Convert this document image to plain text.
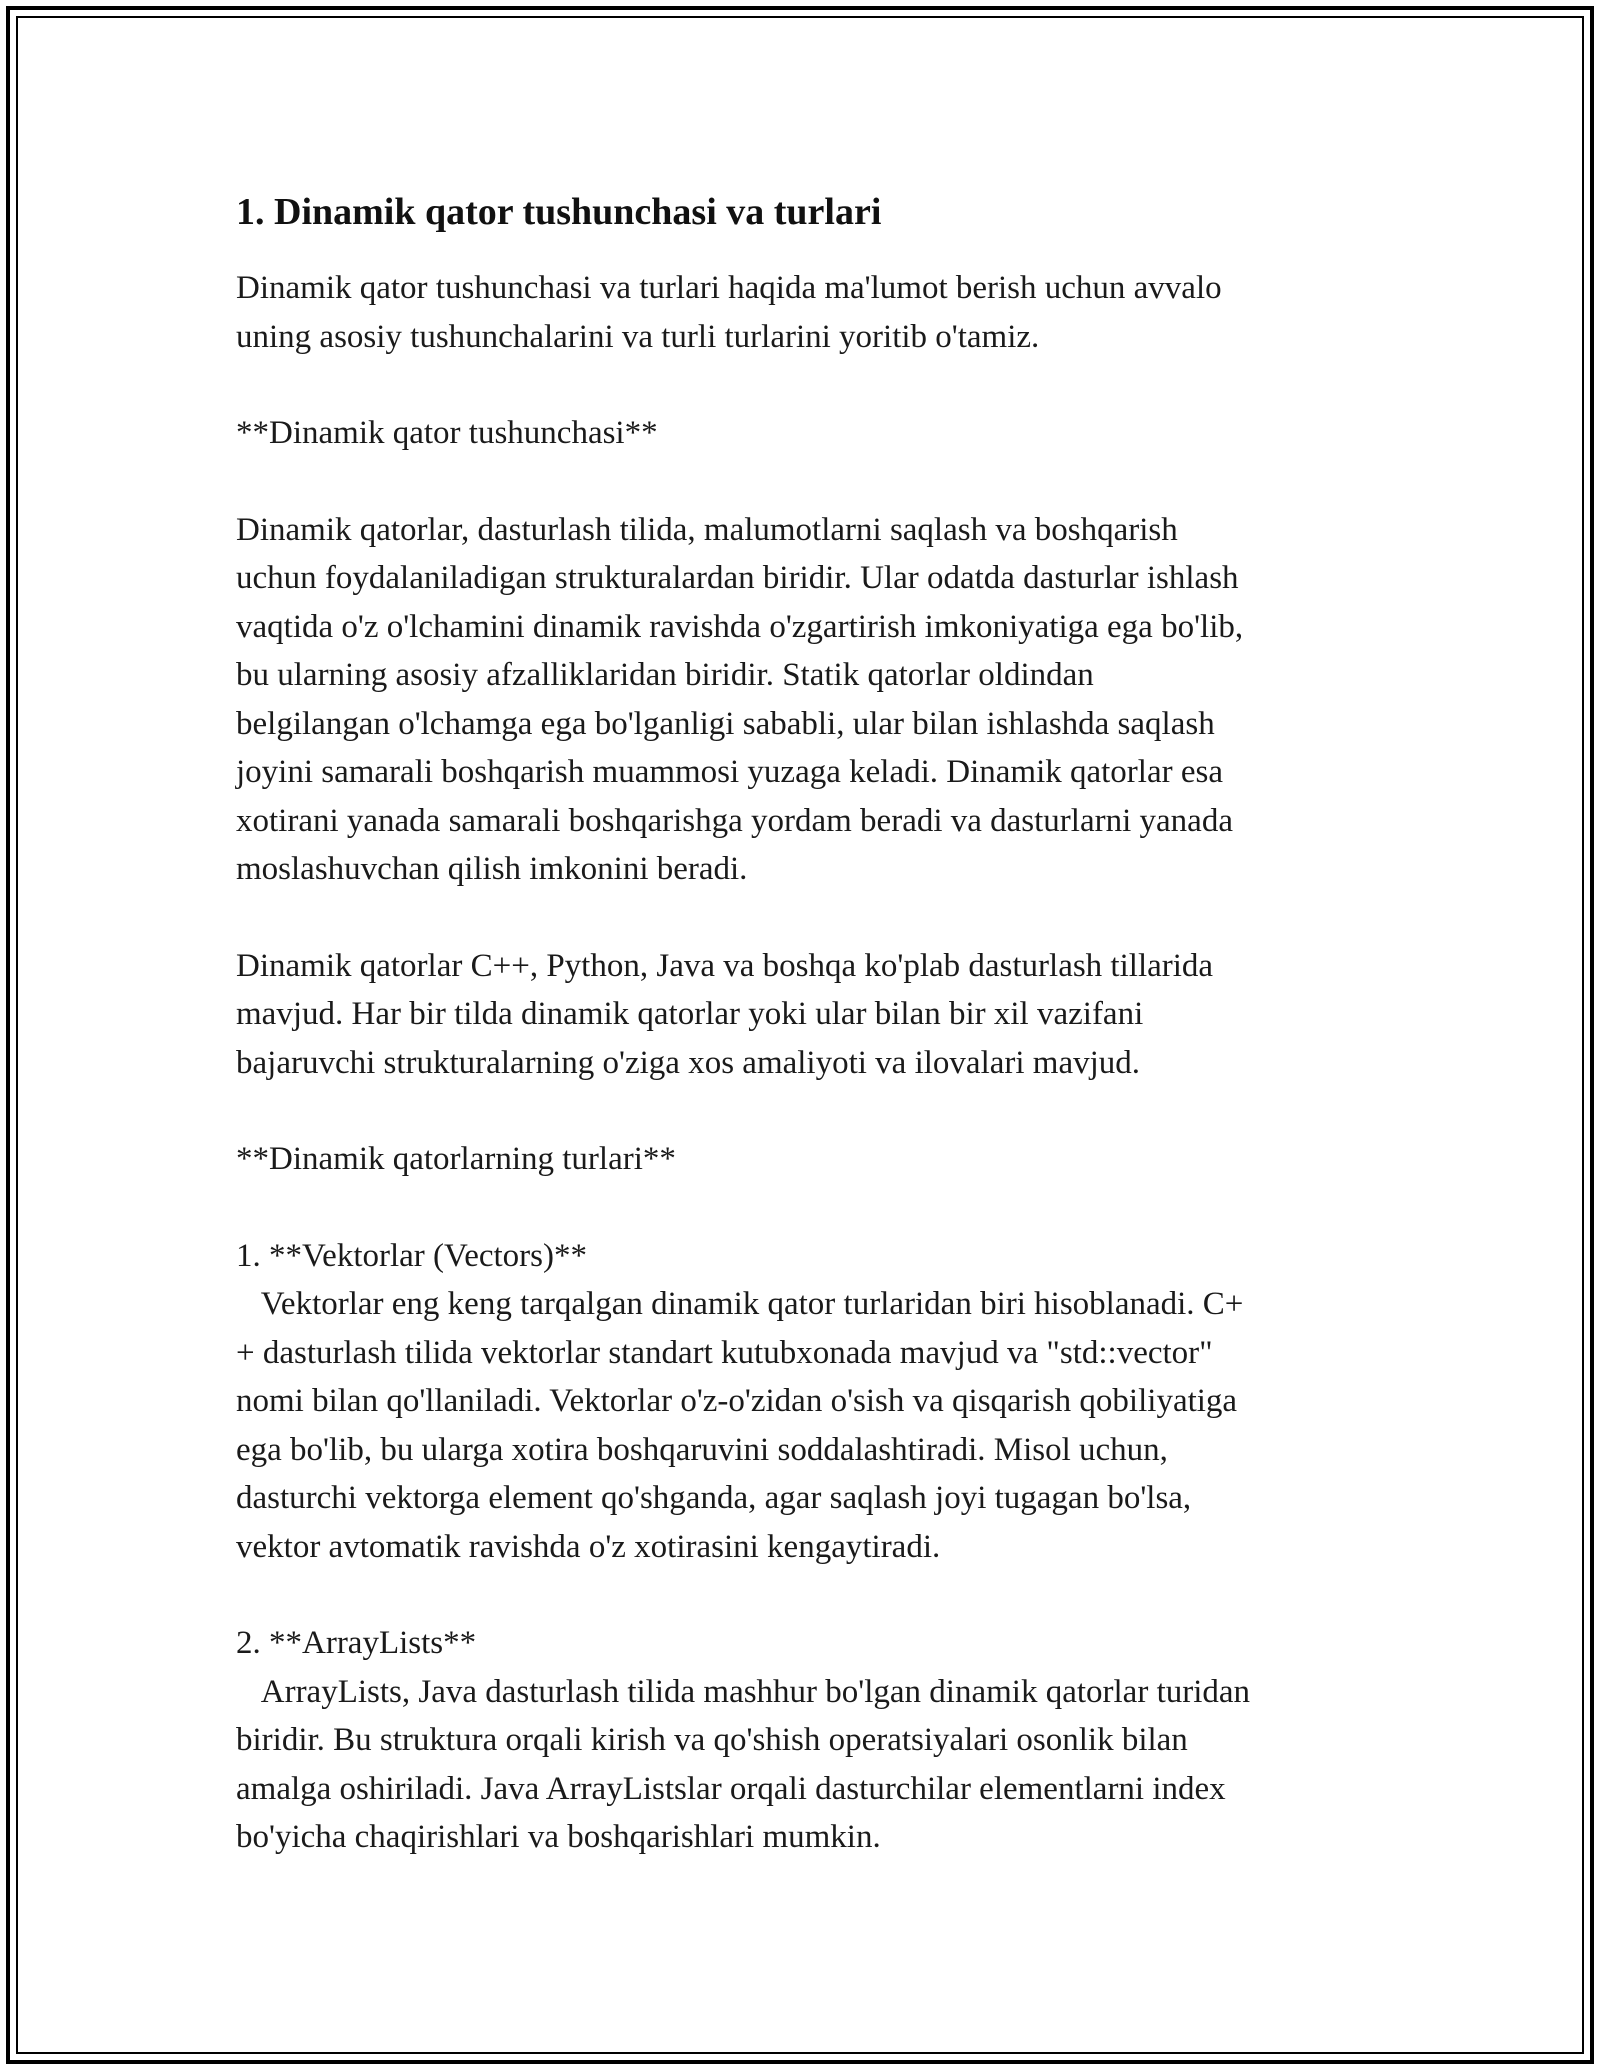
1. Dinamik qator tushunchasi va turlari

Dinamik qator tushunchasi va turlari haqida ma'lumot berish uchun avvalo
uning asosiy tushunchalarini va turli turlarini yoritib o'tamiz.

**Dinamik qator tushunchasi**

Dinamik qatorlar, dasturlash tilida, malumotlarni saqlash va boshqarish
uchun foydalaniladigan strukturalardan biridir. Ular odatda dasturlar ishlash
vaqtida o'z o'lchamini dinamik ravishda o'zgartirish imkoniyatiga ega bo'lib,
bu ularning asosiy afzalliklaridan biridir. Statik qatorlar oldindan
belgilangan o'lchamga ega bo'lganligi sababli, ular bilan ishlashda saqlash
joyini samarali boshqarish muammosi yuzaga keladi. Dinamik qatorlar esa
xotirani yanada samarali boshqarishga yordam beradi va dasturlarni yanada
moslashuvchan qilish imkonini beradi.

Dinamik qatorlar C++, Python, Java va boshqa ko'plab dasturlash tillarida
mavjud. Har bir tilda dinamik qatorlar yoki ular bilan bir xil vazifani
bajaruvchi strukturalarning o'ziga xos amaliyoti va ilovalari mavjud.

**Dinamik qatorlarning turlari**

1. **Vektorlar (Vectors)**
Vektorlar eng keng tarqalgan dinamik qator turlaridan biri hisoblanadi. C+
+ dasturlash tilida vektorlar standart kutubxonada mavjud va "std::vector"
nomi bilan qo'llaniladi. Vektorlar o'z-o'zidan o'sish va qisqarish qobiliyatiga
ega bo'lib, bu ularga xotira boshqaruvini soddalashtiradi. Misol uchun,
dasturchi vektorga element qo'shganda, agar saqlash joyi tugagan bo'lsa,
vektor avtomatik ravishda o'z xotirasini kengaytiradi.

2. **ArrayLists**
ArrayLists, Java dasturlash tilida mashhur bo'lgan dinamik qatorlar turidan
biridir. Bu struktura orqali kirish va qo'shish operatsiyalari osonlik bilan
amalga oshiriladi. Java ArrayListslar orqali dasturchilar elementlarni index
bo'yicha chaqirishlari va boshqarishlari mumkin.
